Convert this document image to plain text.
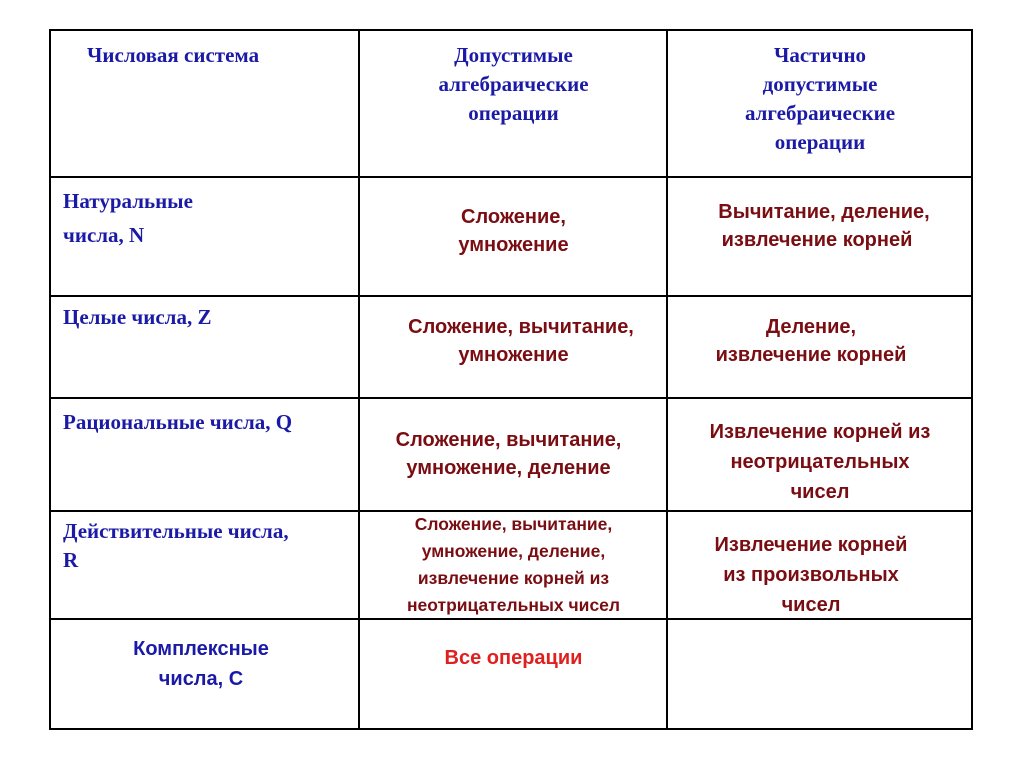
Числовая система	Допустимые
алгебраические
операции
Частично
допустимые
алгебраические
операции
Натуральные
числа, N
Сложение,
умножение
Вычитание, деление,
извлечение корней
Целые числа, Z	Сложение, вычитание,
умножение
Деление,
извлечение корней
Рациональные числа, Q
Сложение, вычитание,
умножение, деление
Извлечение корней из
неотрицательных
чисел
Действительные числа,
R
Сложение, вычитание,
умножение, деление,
извлечение корней из
неотрицательных чисел
Извлечение корней
из произвольных
чисел
Комплексные
числа, С
Все операции
